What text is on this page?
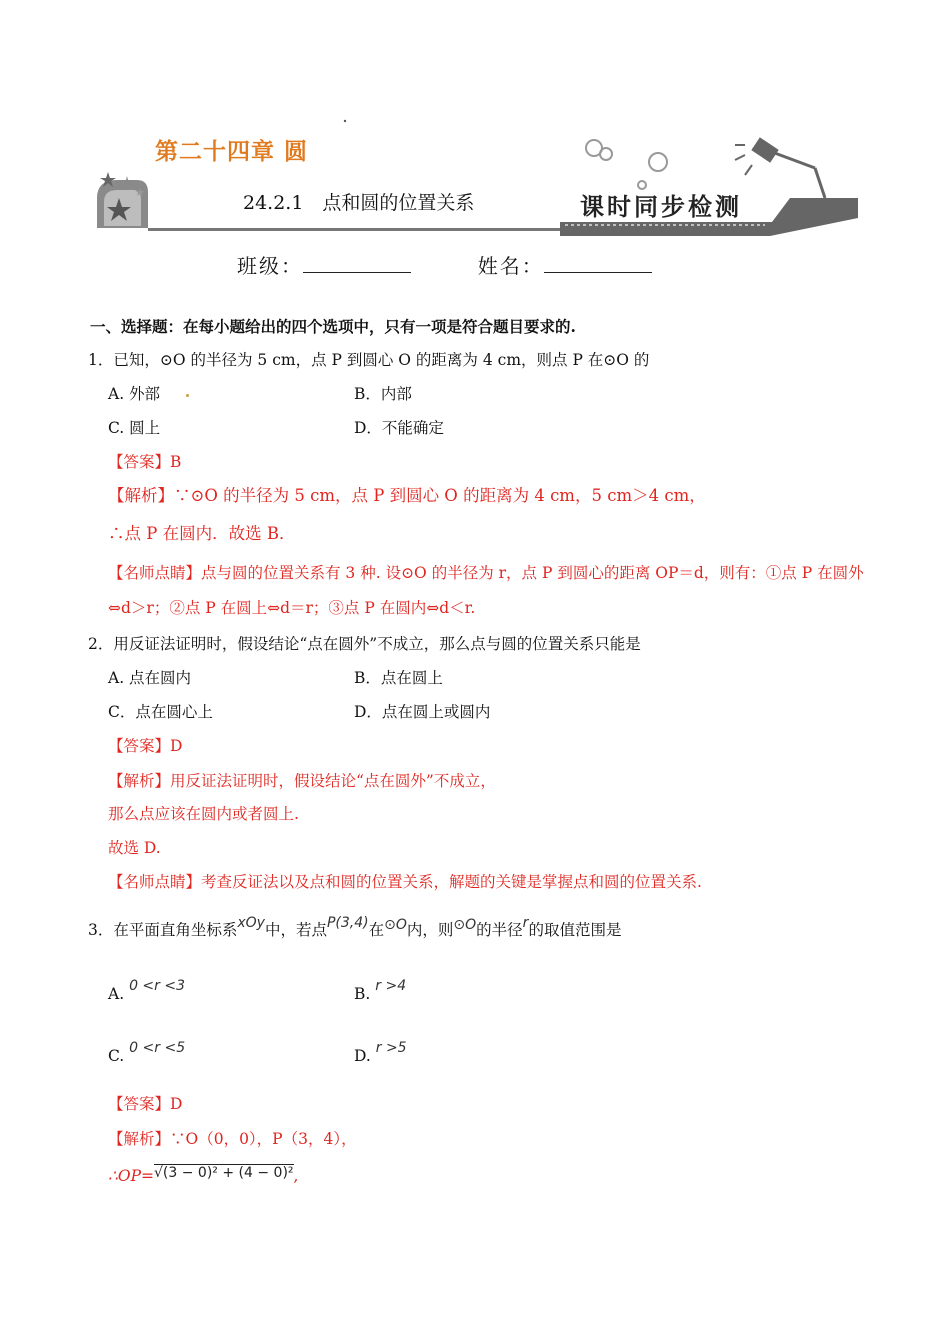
第二十四章 圆
24.2.1　点和圆的位置关系	课时同步检测
班级：	姓名：
一、选择题：在每小题给出的四个选项中，只有一项是符合题目要求的.
1．已知，⊙O 的半径为 5 cm，点 P 到圆心 O 的距离为 4 cm，则点 P 在⊙O 的
A. 外部	B．内部
C. 圆上	D．不能确定
【答案】B
【解析】∵⊙O 的半径为 5 cm，点 P 到圆心 O 的距离为 4 cm，5 cm＞4 cm，
∴点 P 在圆内．故选 B．
【名师点睛】点与圆的位置关系有 3 种. 设⊙O 的半径为 r，点 P 到圆心的距离 OP＝d，则有：①点 P 在圆外
⇔d＞r；②点 P 在圆上⇔d＝r；③点 P 在圆内⇔d＜r.
2．用反证法证明时，假设结论“点在圆外”不成立，那么点与圆的位置关系只能是
A. 点在圆内	B．点在圆上
C．点在圆心上	D．点在圆上或圆内
【答案】D
【解析】用反证法证明时，假设结论“点在圆外”不成立，
那么点应该在圆内或者圆上.
故选 D.
【名师点睛】考查反证法以及点和圆的位置关系，解题的关键是掌握点和圆的位置关系.
3．在平面直角坐标系xOy中，若点P(3,4)在⊙O内，则⊙O的半径r的取值范围是
A. 0 <r <3	B. r >4
C. 0 <r <5	D. r >5
【答案】D
【解析】∵O（0，0），P（3，4），
∴OP=√(3 − 0)² + (4 − 0)²,
